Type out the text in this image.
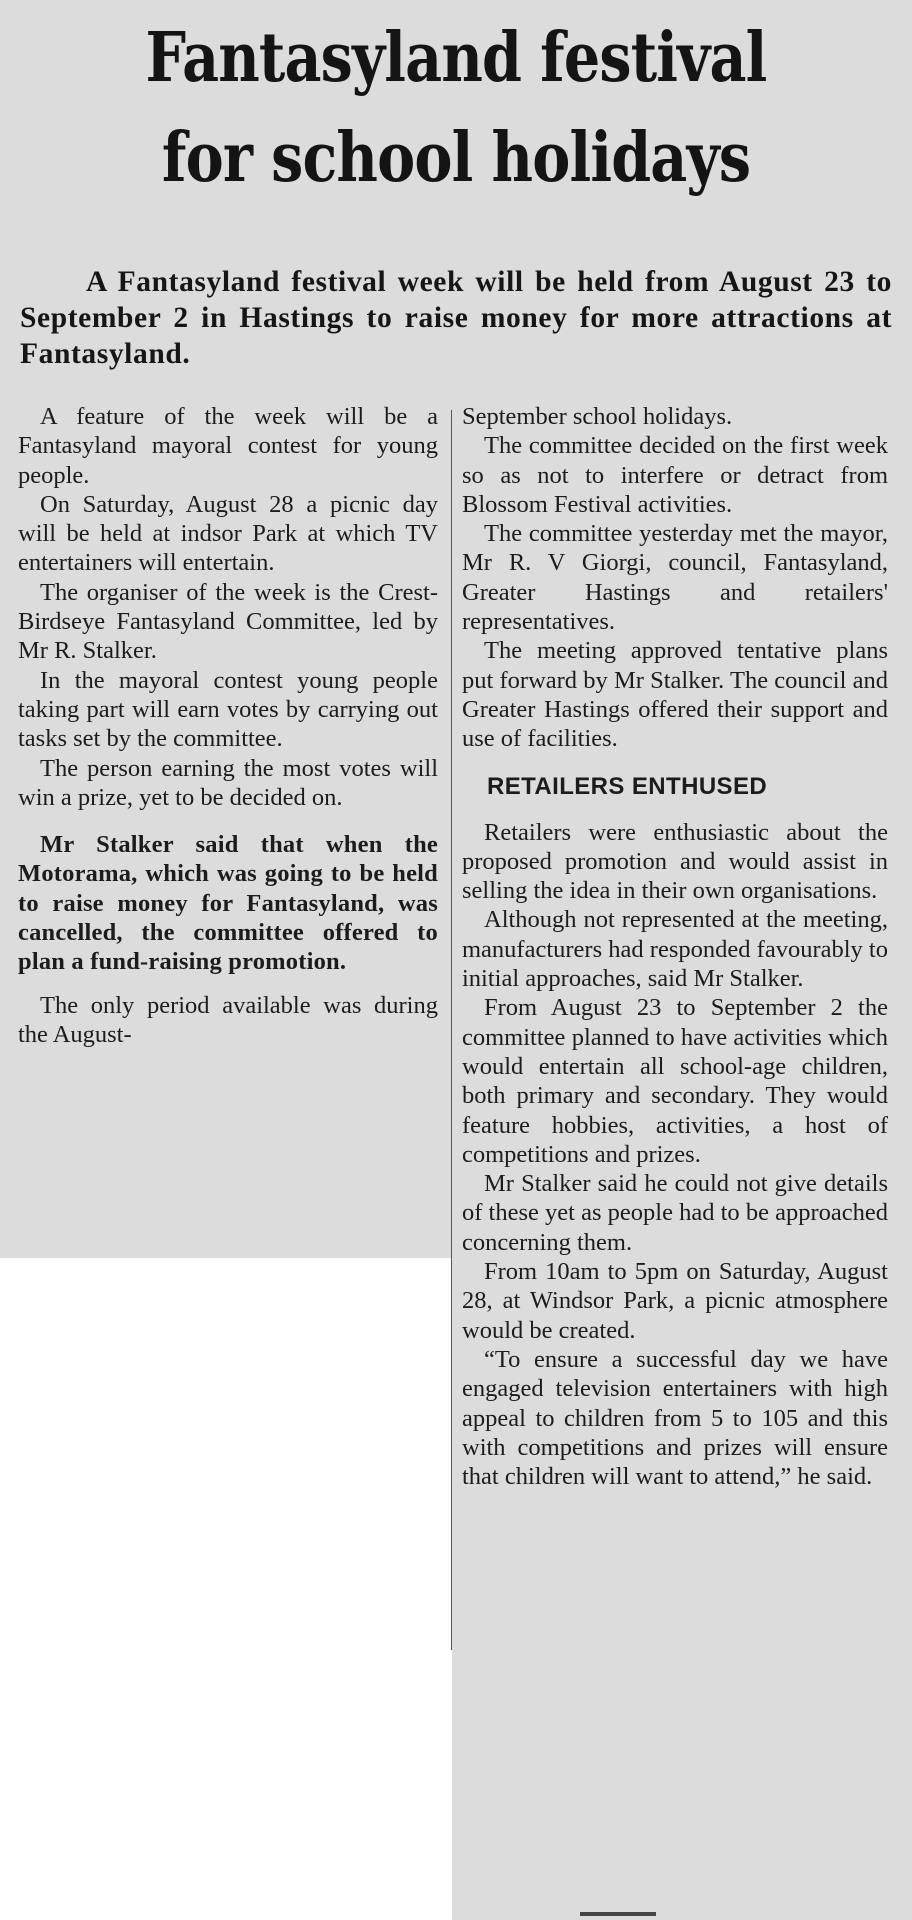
Fantasyland festival
for school holidays

A Fantasyland festival week will be held from August 23 to September 2 in Hastings to raise money for more attractions at Fantasyland.

A feature of the week will be a Fantasyland mayoral contest for young people.

On Saturday, August 28 a picnic day will be held at indsor Park at which TV entertainers will entertain.

The organiser of the week is the Crest-Birdseye Fantasyland Committee, led by Mr R. Stalker.

In the mayoral contest young people taking part will earn votes by carrying out tasks set by the committee.

The person earning the most votes will win a prize, yet to be decided on.

Mr Stalker said that when the Motorama, which was going to be held to raise money for Fantasyland, was cancelled, the committee offered to plan a fund-raising promotion.

The only period available was during the August-

September school holidays.

The committee decided on the first week so as not to interfere or detract from Blossom Festival activities.

The committee yesterday met the mayor, Mr R. V Giorgi, council, Fantasyland, Greater Hastings and retailers' representatives.

The meeting approved tentative plans put forward by Mr Stalker. The council and Greater Hastings offered their support and use of facilities.

RETAILERS ENTHUSED

Retailers were enthusiastic about the proposed promotion and would assist in selling the idea in their own organisations.

Although not represented at the meeting, manufacturers had responded favourably to initial approaches, said Mr Stalker.

From August 23 to September 2 the committee planned to have activities which would entertain all school-age children, both primary and secondary. They would feature hobbies, activities, a host of competitions and prizes.

Mr Stalker said he could not give details of these yet as people had to be approached concerning them.

From 10am to 5pm on Saturday, August 28, at Windsor Park, a picnic atmosphere would be created.

“To ensure a successful day we have engaged television entertainers with high appeal to children from 5 to 105 and this with competitions and prizes will ensure that children will want to attend,” he said.
